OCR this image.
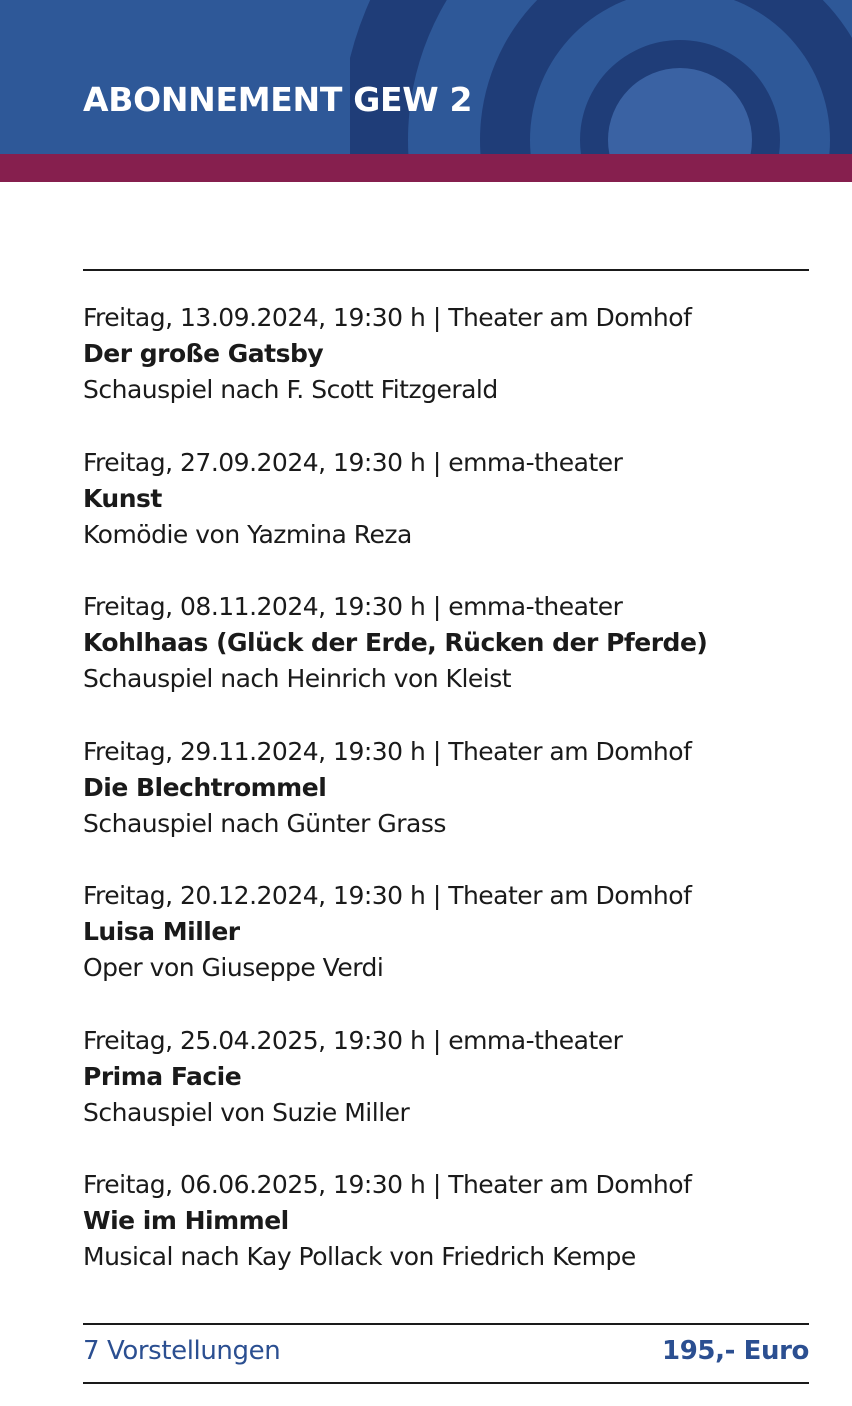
ABONNEMENT GEW 2

Freitag, 13.09.2024, 19:30 h | Theater am Domhof

Der große Gatsby

Schauspiel nach F. Scott Fitzgerald

Freitag, 27.09.2024, 19:30 h | emma-theater

Kunst

Komödie von Yazmina Reza

Freitag, 08.11.2024, 19:30 h | emma-theater

Kohlhaas (Glück der Erde, Rücken der Pferde)

Schauspiel nach Heinrich von Kleist

Freitag, 29.11.2024, 19:30 h | Theater am Domhof

Die Blechtrommel

Schauspiel nach Günter Grass

Freitag, 20.12.2024, 19:30 h | Theater am Domhof

Luisa Miller

Oper von Giuseppe Verdi

Freitag, 25.04.2025, 19:30 h | emma-theater

Prima Facie

Schauspiel von Suzie Miller

Freitag, 06.06.2025, 19:30 h | Theater am Domhof

Wie im Himmel

Musical nach Kay Pollack von Friedrich Kempe

7 Vorstellungen	195,- Euro
